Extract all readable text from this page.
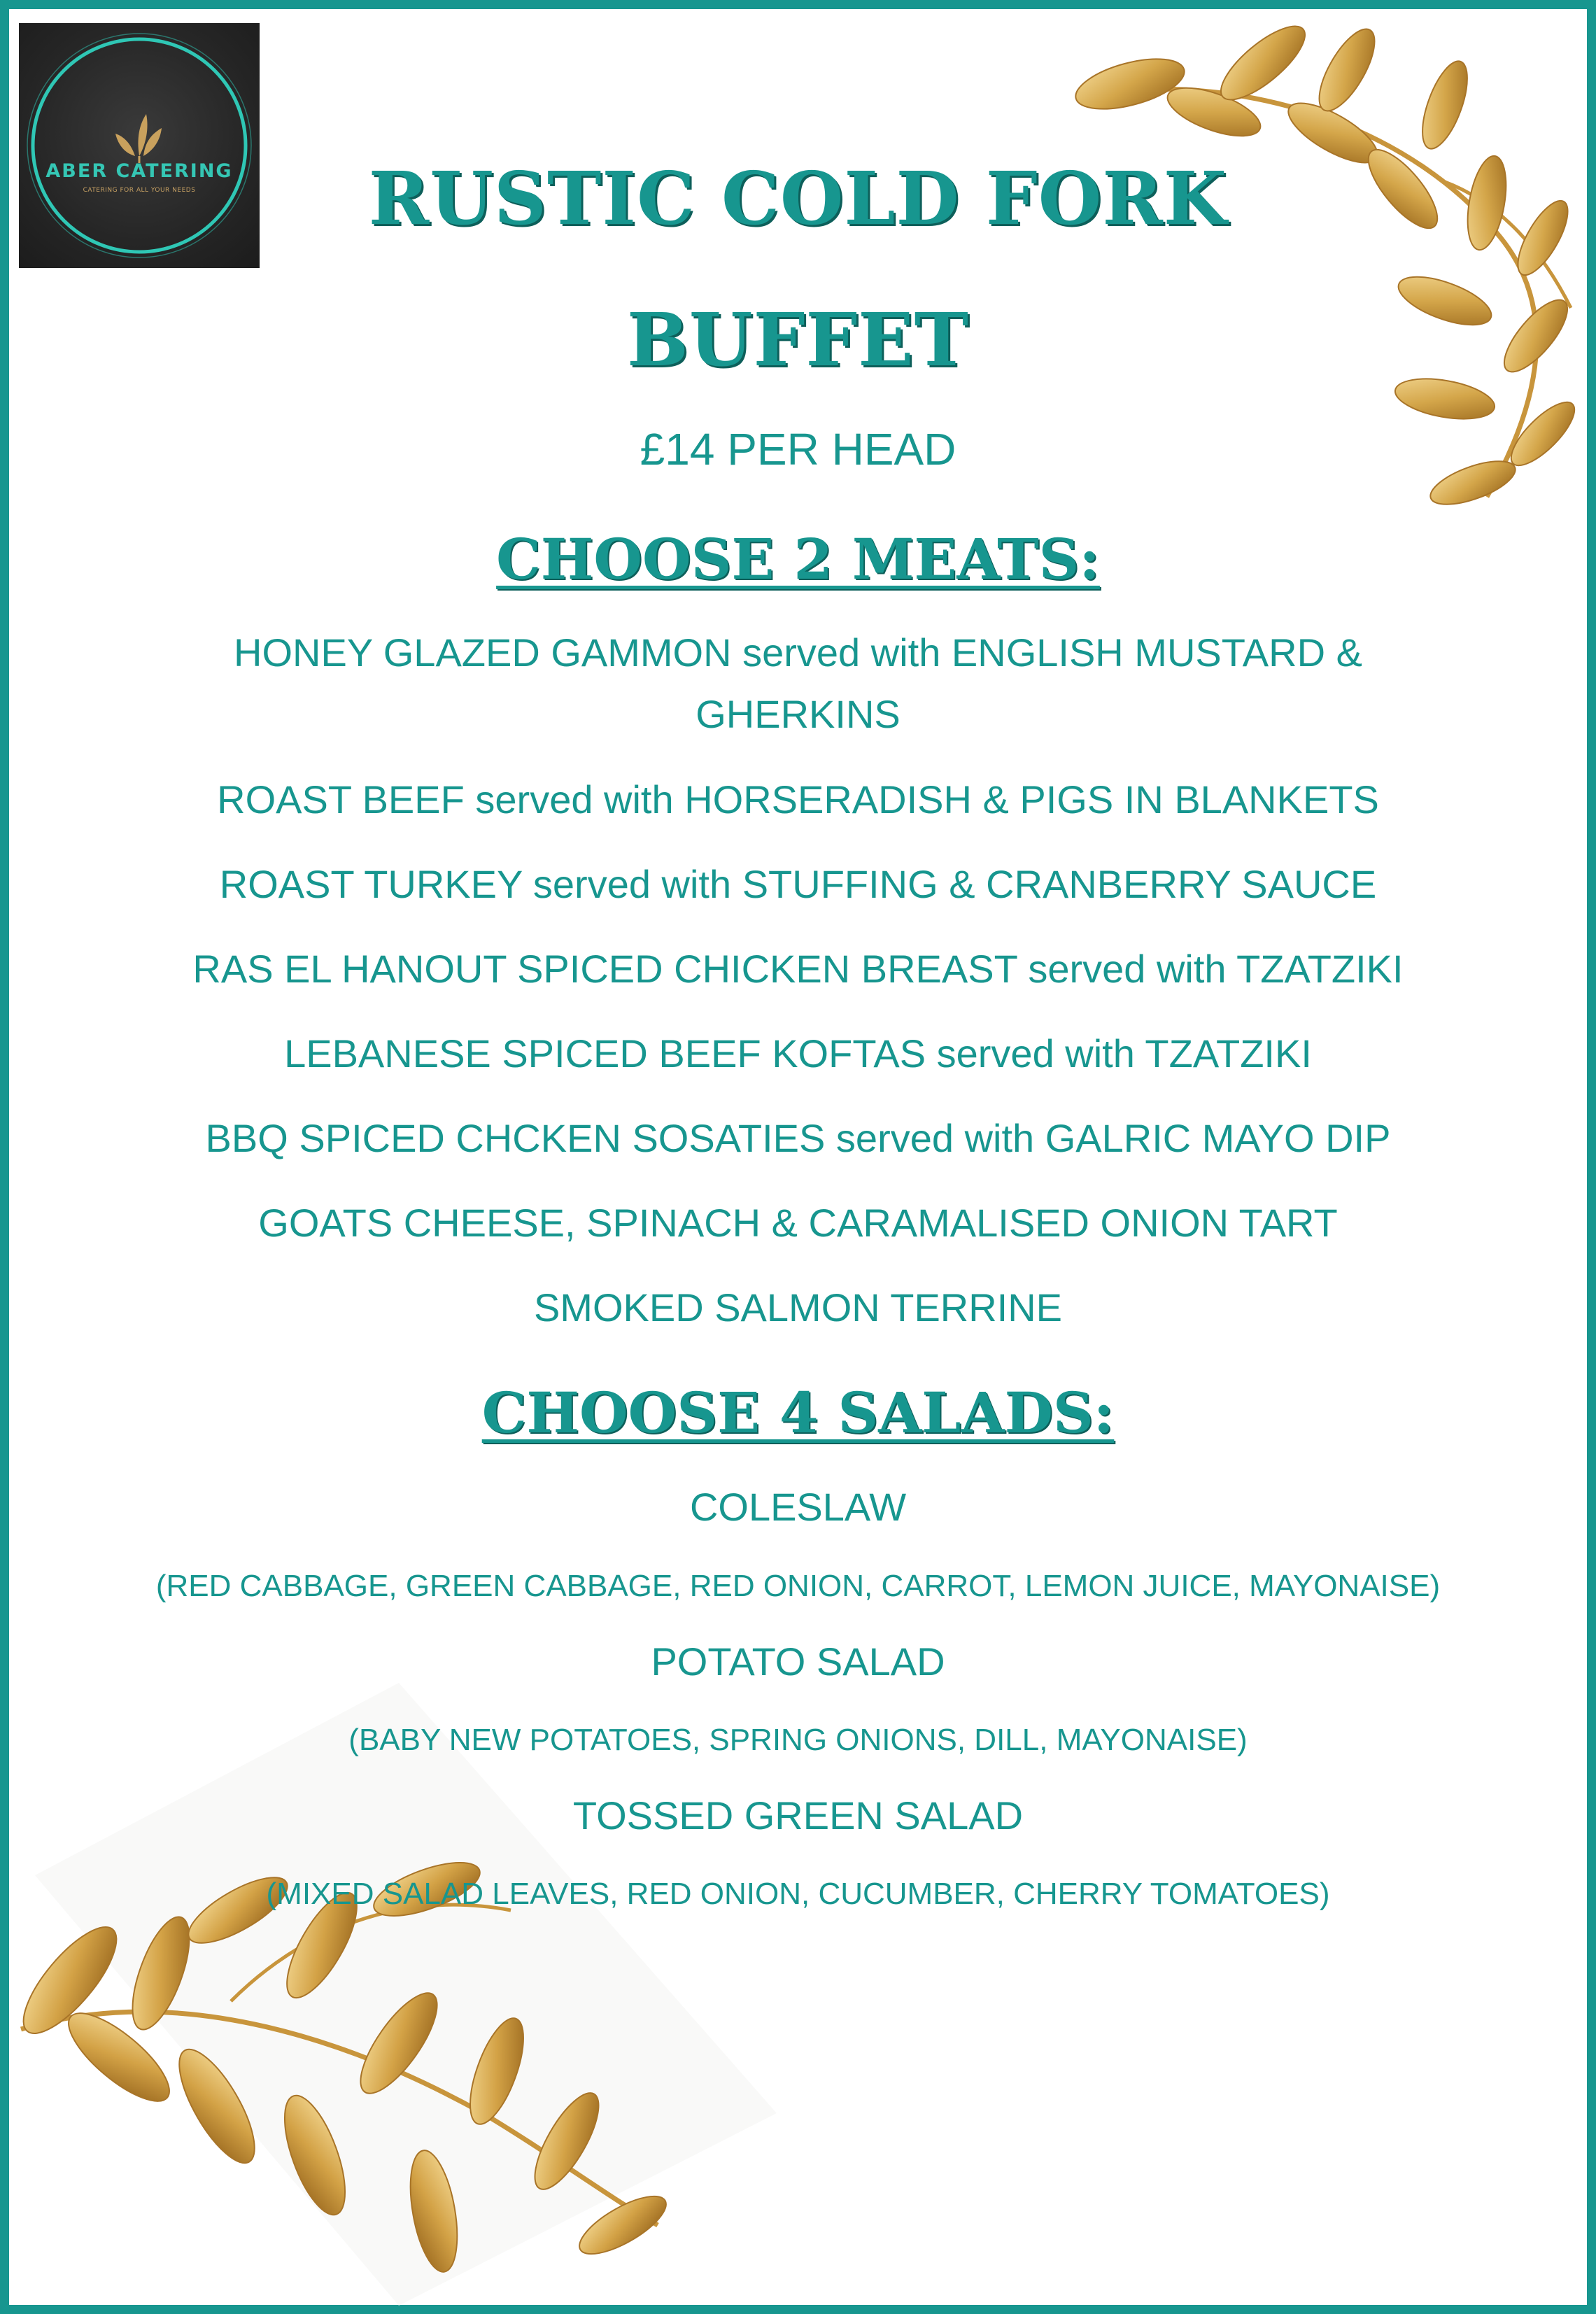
ABER CATERING
CATERING FOR ALL YOUR NEEDS	RUSTIC COLD FORK
BUFFET
£14 PER HEAD
CHOOSE 2 MEATS:
HONEY GLAZED GAMMON served with ENGLISH MUSTARD &
GHERKINS
ROAST BEEF served with HORSERADISH & PIGS IN BLANKETS
ROAST TURKEY served with STUFFING & CRANBERRY SAUCE
RAS EL HANOUT SPICED CHICKEN BREAST served with TZATZIKI
LEBANESE SPICED BEEF KOFTAS served with TZATZIKI
BBQ SPICED CHCKEN SOSATIES served with GALRIC MAYO DIP
GOATS CHEESE, SPINACH & CARAMALISED ONION TART
SMOKED SALMON TERRINE
CHOOSE 4 SALADS:
COLESLAW
(RED CABBAGE, GREEN CABBAGE, RED ONION, CARROT, LEMON JUICE, MAYONAISE)
POTATO SALAD
(BABY NEW POTATOES, SPRING ONIONS, DILL, MAYONAISE)
TOSSED GREEN SALAD
(MIXED SALAD LEAVES, RED ONION, CUCUMBER, CHERRY TOMATOES)
